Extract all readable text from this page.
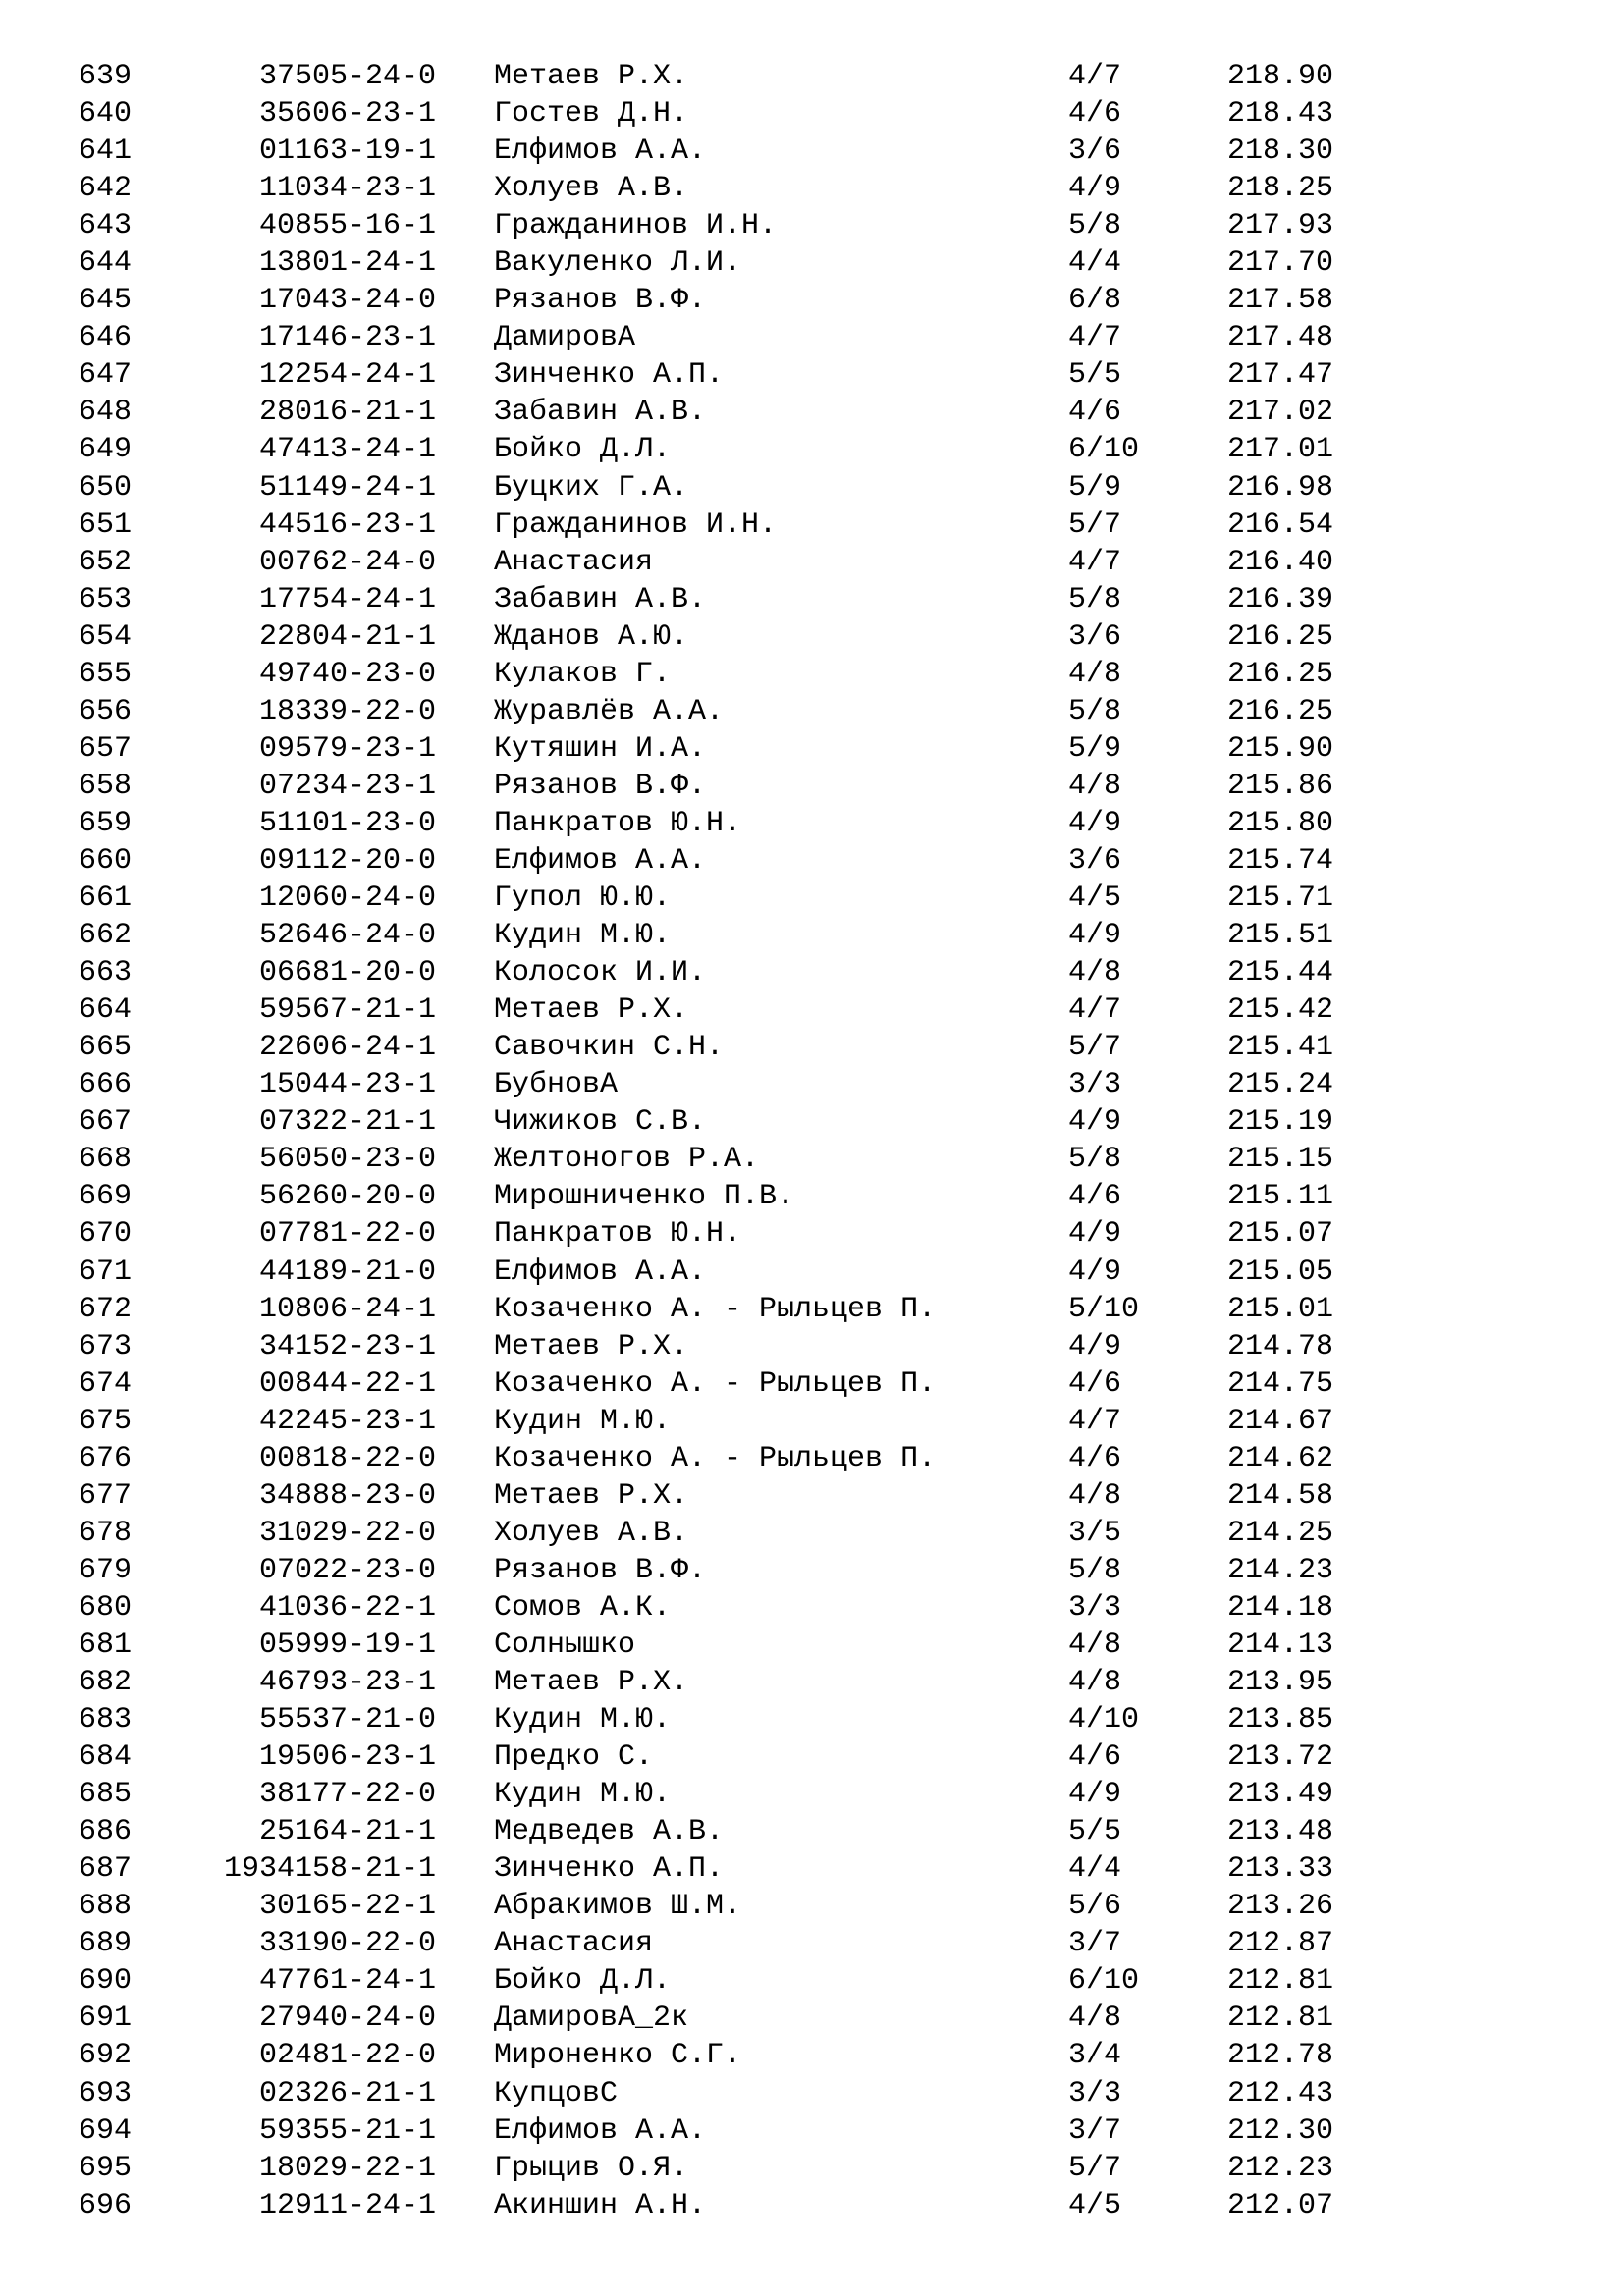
639	37505-24-0 Метаев Р.Х.	4/7	218.90
640	35606-23-1 Гостев Д.Н.	4/6	218.43
641	01163-19-1 Елфимов А.А.	3/6	218.30
642	11034-23-1 Холуев А.В.	4/9	218.25
643	40855-16-1 Гражданинов И.Н.	5/8	217.93
644	13801-24-1 Вакуленко Л.И.	4/4	217.70
645	17043-24-0 Рязанов В.Ф.	6/8	217.58
646	17146-23-1 ДамировА	4/7	217.48
647	12254-24-1 Зинченко А.П.	5/5	217.47
648	28016-21-1 Забавин А.В.	4/6	217.02
649	47413-24-1 Бойко Д.Л.	6/10	217.01
650	51149-24-1 Буцких Г.А.	5/9	216.98
651	44516-23-1 Гражданинов И.Н.	5/7	216.54
652	00762-24-0 Анастасия	4/7	216.40
653	17754-24-1 Забавин А.В.	5/8	216.39
654	22804-21-1 Жданов А.Ю.	3/6	216.25
655	49740-23-0 Кулаков Г.	4/8	216.25
656	18339-22-0 Журавлёв А.А.	5/8	216.25
657	09579-23-1 Кутяшин И.А.	5/9	215.90
658	07234-23-1 Рязанов В.Ф.	4/8	215.86
659	51101-23-0 Панкратов Ю.Н.	4/9	215.80
660	09112-20-0 Елфимов А.А.	3/6	215.74
661	12060-24-0 Гупол Ю.Ю.	4/5	215.71
662	52646-24-0 Кудин М.Ю.	4/9	215.51
663	06681-20-0 Колосок И.И.	4/8	215.44
664	59567-21-1 Метаев Р.Х.	4/7	215.42
665	22606-24-1 Савочкин С.Н.	5/7	215.41
666	15044-23-1 БубновА	3/3	215.24
667	07322-21-1 Чижиков С.В.	4/9	215.19
668	56050-23-0 Желтоногов Р.А.	5/8	215.15
669	56260-20-0 Мирошниченко П.В.	4/6	215.11
670	07781-22-0 Панкратов Ю.Н.	4/9	215.07
671	44189-21-0 Елфимов А.А.	4/9	215.05
672	10806-24-1 Козаченко А. - Рыльцев П.	5/10	215.01
673	34152-23-1 Метаев Р.Х.	4/9	214.78
674	00844-22-1 Козаченко А. - Рыльцев П.	4/6	214.75
675	42245-23-1 Кудин М.Ю.	4/7	214.67
676	00818-22-0 Козаченко А. - Рыльцев П.	4/6	214.62
677	34888-23-0 Метаев Р.Х.	4/8	214.58
678	31029-22-0 Холуев А.В.	3/5	214.25
679	07022-23-0 Рязанов В.Ф.	5/8	214.23
680	41036-22-1 Сомов А.К.	3/3	214.18
681	05999-19-1 Солнышко	4/8	214.13
682	46793-23-1 Метаев Р.Х.	4/8	213.95
683	55537-21-0 Кудин М.Ю.	4/10	213.85
684	19506-23-1 Предко С.	4/6	213.72
685	38177-22-0 Кудин М.Ю.	4/9	213.49
686	25164-21-1 Медведев А.В.	5/5	213.48
687	1934158-21-1 Зинченко А.П.	4/4	213.33
688	30165-22-1 Абракимов Ш.М.	5/6	213.26
689	33190-22-0 Анастасия	3/7	212.87
690	47761-24-1 Бойко Д.Л.	6/10	212.81
691	27940-24-0 ДамировА_2к	4/8	212.81
692	02481-22-0 Мироненко С.Г.	3/4	212.78
693	02326-21-1 КупцовС	3/3	212.43
694	59355-21-1 Елфимов А.А.	3/7	212.30
695	18029-22-1 Грыцив О.Я.	5/7	212.23
696	12911-24-1 Акиншин А.Н.	4/5	212.07
